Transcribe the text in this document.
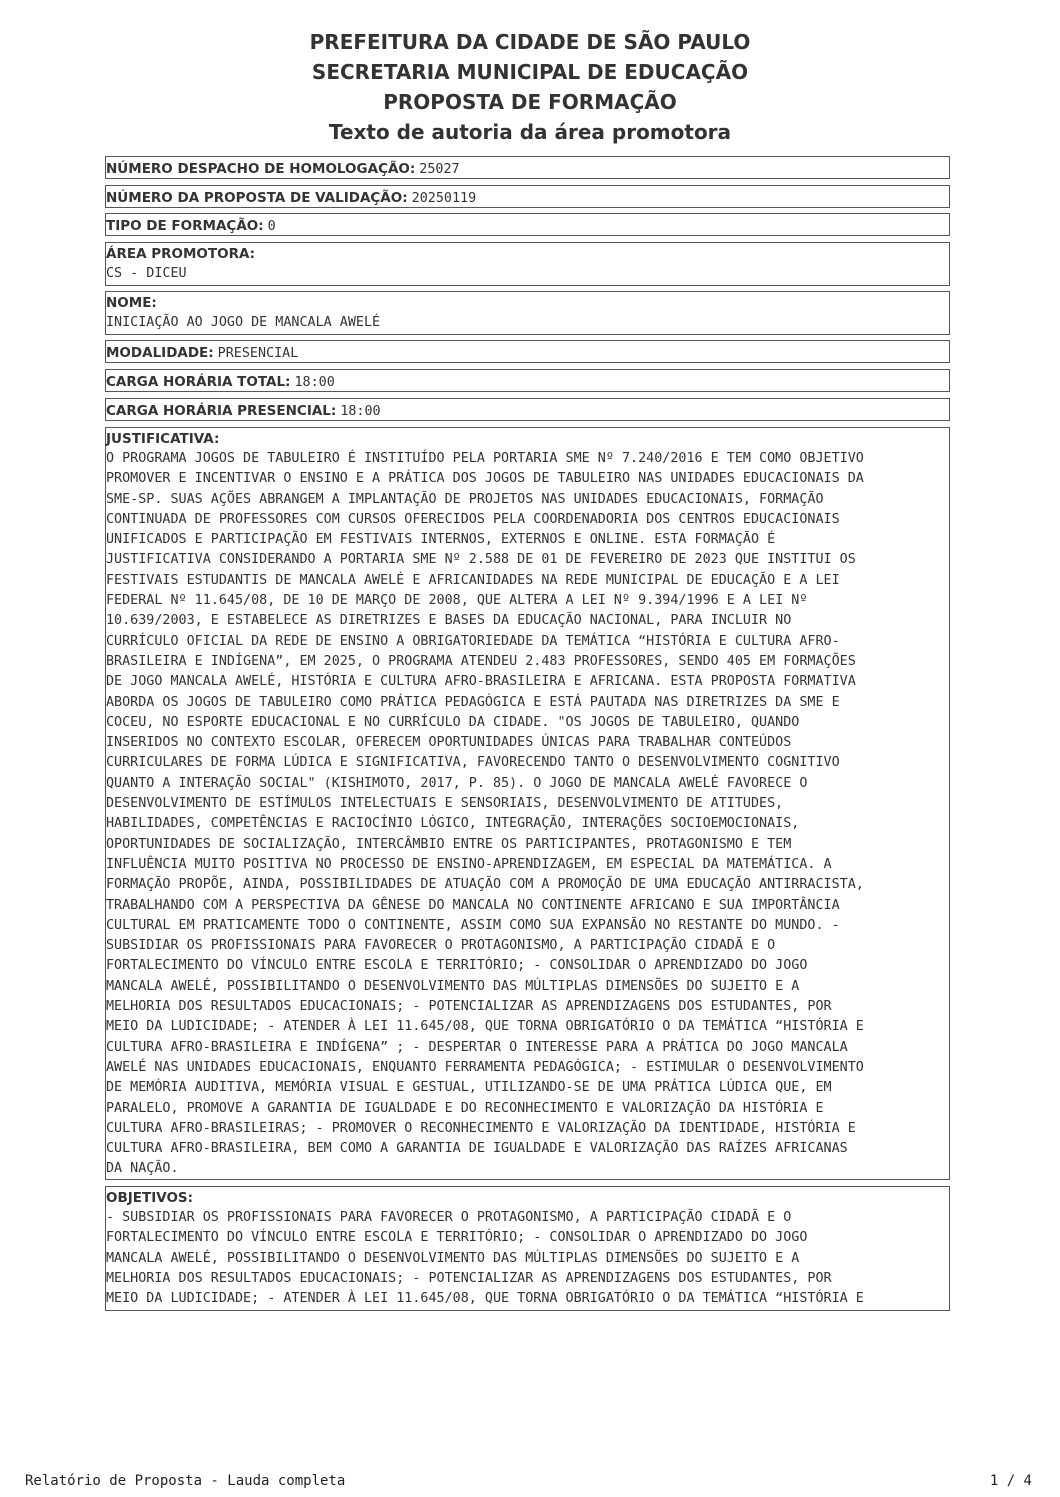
PREFEITURA DA CIDADE DE SÃO PAULO
SECRETARIA MUNICIPAL DE EDUCAÇÃO
PROPOSTA DE FORMAÇÃO
Texto de autoria da área promotora
NÚMERO DESPACHO DE HOMOLOGAÇÃO: 25027
NÚMERO DA PROPOSTA DE VALIDAÇÃO: 20250119
TIPO DE FORMAÇÃO: 0
ÁREA PROMOTORA:
CS - DICEU
NOME:
INICIAÇÃO AO JOGO DE MANCALA AWELÉ
MODALIDADE: PRESENCIAL
CARGA HORÁRIA TOTAL: 18:00
CARGA HORÁRIA PRESENCIAL: 18:00
JUSTIFICATIVA:
O PROGRAMA JOGOS DE TABULEIRO É INSTITUÍDO PELA PORTARIA SME Nº 7.240/2016 E TEM COMO OBJETIVO
PROMOVER E INCENTIVAR O ENSINO E A PRÁTICA DOS JOGOS DE TABULEIRO NAS UNIDADES EDUCACIONAIS DA
SME-SP. SUAS AÇÕES ABRANGEM A IMPLANTAÇÃO DE PROJETOS NAS UNIDADES EDUCACIONAIS, FORMAÇÃO
CONTINUADA DE PROFESSORES COM CURSOS OFERECIDOS PELA COORDENADORIA DOS CENTROS EDUCACIONAIS
UNIFICADOS E PARTICIPAÇÃO EM FESTIVAIS INTERNOS, EXTERNOS E ONLINE. ESTA FORMAÇÃO É
JUSTIFICATIVA CONSIDERANDO A PORTARIA SME Nº 2.588 DE 01 DE FEVEREIRO DE 2023 QUE INSTITUI OS
FESTIVAIS ESTUDANTIS DE MANCALA AWELÉ E AFRICANIDADES NA REDE MUNICIPAL DE EDUCAÇÃO E A LEI
FEDERAL Nº 11.645/08, DE 10 DE MARÇO DE 2008, QUE ALTERA A LEI Nº 9.394/1996 E A LEI Nº
10.639/2003, E ESTABELECE AS DIRETRIZES E BASES DA EDUCAÇÃO NACIONAL, PARA INCLUIR NO
CURRÍCULO OFICIAL DA REDE DE ENSINO A OBRIGATORIEDADE DA TEMÁTICA “HISTÓRIA E CULTURA AFRO-
BRASILEIRA E INDÍGENA”, EM 2025, O PROGRAMA ATENDEU 2.483 PROFESSORES, SENDO 405 EM FORMAÇÕES
DE JOGO MANCALA AWELÉ, HISTÓRIA E CULTURA AFRO-BRASILEIRA E AFRICANA. ESTA PROPOSTA FORMATIVA
ABORDA OS JOGOS DE TABULEIRO COMO PRÁTICA PEDAGÓGICA E ESTÁ PAUTADA NAS DIRETRIZES DA SME E
COCEU, NO ESPORTE EDUCACIONAL E NO CURRÍCULO DA CIDADE. "OS JOGOS DE TABULEIRO, QUANDO
INSERIDOS NO CONTEXTO ESCOLAR, OFERECEM OPORTUNIDADES ÚNICAS PARA TRABALHAR CONTEÚDOS
CURRICULARES DE FORMA LÚDICA E SIGNIFICATIVA, FAVORECENDO TANTO O DESENVOLVIMENTO COGNITIVO
QUANTO A INTERAÇÃO SOCIAL" (KISHIMOTO, 2017, P. 85). O JOGO DE MANCALA AWELÉ FAVORECE O
DESENVOLVIMENTO DE ESTÍMULOS INTELECTUAIS E SENSORIAIS, DESENVOLVIMENTO DE ATITUDES,
HABILIDADES, COMPETÊNCIAS E RACIOCÍNIO LÓGICO, INTEGRAÇÃO, INTERAÇÕES SOCIOEMOCIONAIS,
OPORTUNIDADES DE SOCIALIZAÇÃO, INTERCÂMBIO ENTRE OS PARTICIPANTES, PROTAGONISMO E TEM
INFLUÊNCIA MUITO POSITIVA NO PROCESSO DE ENSINO-APRENDIZAGEM, EM ESPECIAL DA MATEMÁTICA. A
FORMAÇÃO PROPÕE, AINDA, POSSIBILIDADES DE ATUAÇÃO COM A PROMOÇÃO DE UMA EDUCAÇÃO ANTIRRACISTA,
TRABALHANDO COM A PERSPECTIVA DA GÊNESE DO MANCALA NO CONTINENTE AFRICANO E SUA IMPORTÂNCIA
CULTURAL EM PRATICAMENTE TODO O CONTINENTE, ASSIM COMO SUA EXPANSÃO NO RESTANTE DO MUNDO. -
SUBSIDIAR OS PROFISSIONAIS PARA FAVORECER O PROTAGONISMO, A PARTICIPAÇÃO CIDADÃ E O
FORTALECIMENTO DO VÍNCULO ENTRE ESCOLA E TERRITÓRIO; - CONSOLIDAR O APRENDIZADO DO JOGO
MANCALA AWELÉ, POSSIBILITANDO O DESENVOLVIMENTO DAS MÚLTIPLAS DIMENSÕES DO SUJEITO E A
MELHORIA DOS RESULTADOS EDUCACIONAIS; - POTENCIALIZAR AS APRENDIZAGENS DOS ESTUDANTES, POR
MEIO DA LUDICIDADE; - ATENDER À LEI 11.645/08, QUE TORNA OBRIGATÓRIO O DA TEMÁTICA “HISTÓRIA E
CULTURA AFRO-BRASILEIRA E INDÍGENA” ; - DESPERTAR O INTERESSE PARA A PRÁTICA DO JOGO MANCALA
AWELÉ NAS UNIDADES EDUCACIONAIS, ENQUANTO FERRAMENTA PEDAGÓGICA; - ESTIMULAR O DESENVOLVIMENTO
DE MEMÓRIA AUDITIVA, MEMÓRIA VISUAL E GESTUAL, UTILIZANDO-SE DE UMA PRÁTICA LÚDICA QUE, EM
PARALELO, PROMOVE A GARANTIA DE IGUALDADE E DO RECONHECIMENTO E VALORIZAÇÃO DA HISTÓRIA E
CULTURA AFRO-BRASILEIRAS; - PROMOVER O RECONHECIMENTO E VALORIZAÇÃO DA IDENTIDADE, HISTÓRIA E
CULTURA AFRO-BRASILEIRA, BEM COMO A GARANTIA DE IGUALDADE E VALORIZAÇÃO DAS RAÍZES AFRICANAS
DA NAÇÃO.
OBJETIVOS:
- SUBSIDIAR OS PROFISSIONAIS PARA FAVORECER O PROTAGONISMO, A PARTICIPAÇÃO CIDADÃ E O
FORTALECIMENTO DO VÍNCULO ENTRE ESCOLA E TERRITÓRIO; - CONSOLIDAR O APRENDIZADO DO JOGO
MANCALA AWELÉ, POSSIBILITANDO O DESENVOLVIMENTO DAS MÚLTIPLAS DIMENSÕES DO SUJEITO E A
MELHORIA DOS RESULTADOS EDUCACIONAIS; - POTENCIALIZAR AS APRENDIZAGENS DOS ESTUDANTES, POR
MEIO DA LUDICIDADE; - ATENDER À LEI 11.645/08, QUE TORNA OBRIGATÓRIO O DA TEMÁTICA “HISTÓRIA E
Relatório de Proposta - Lauda completa	1 / 4
